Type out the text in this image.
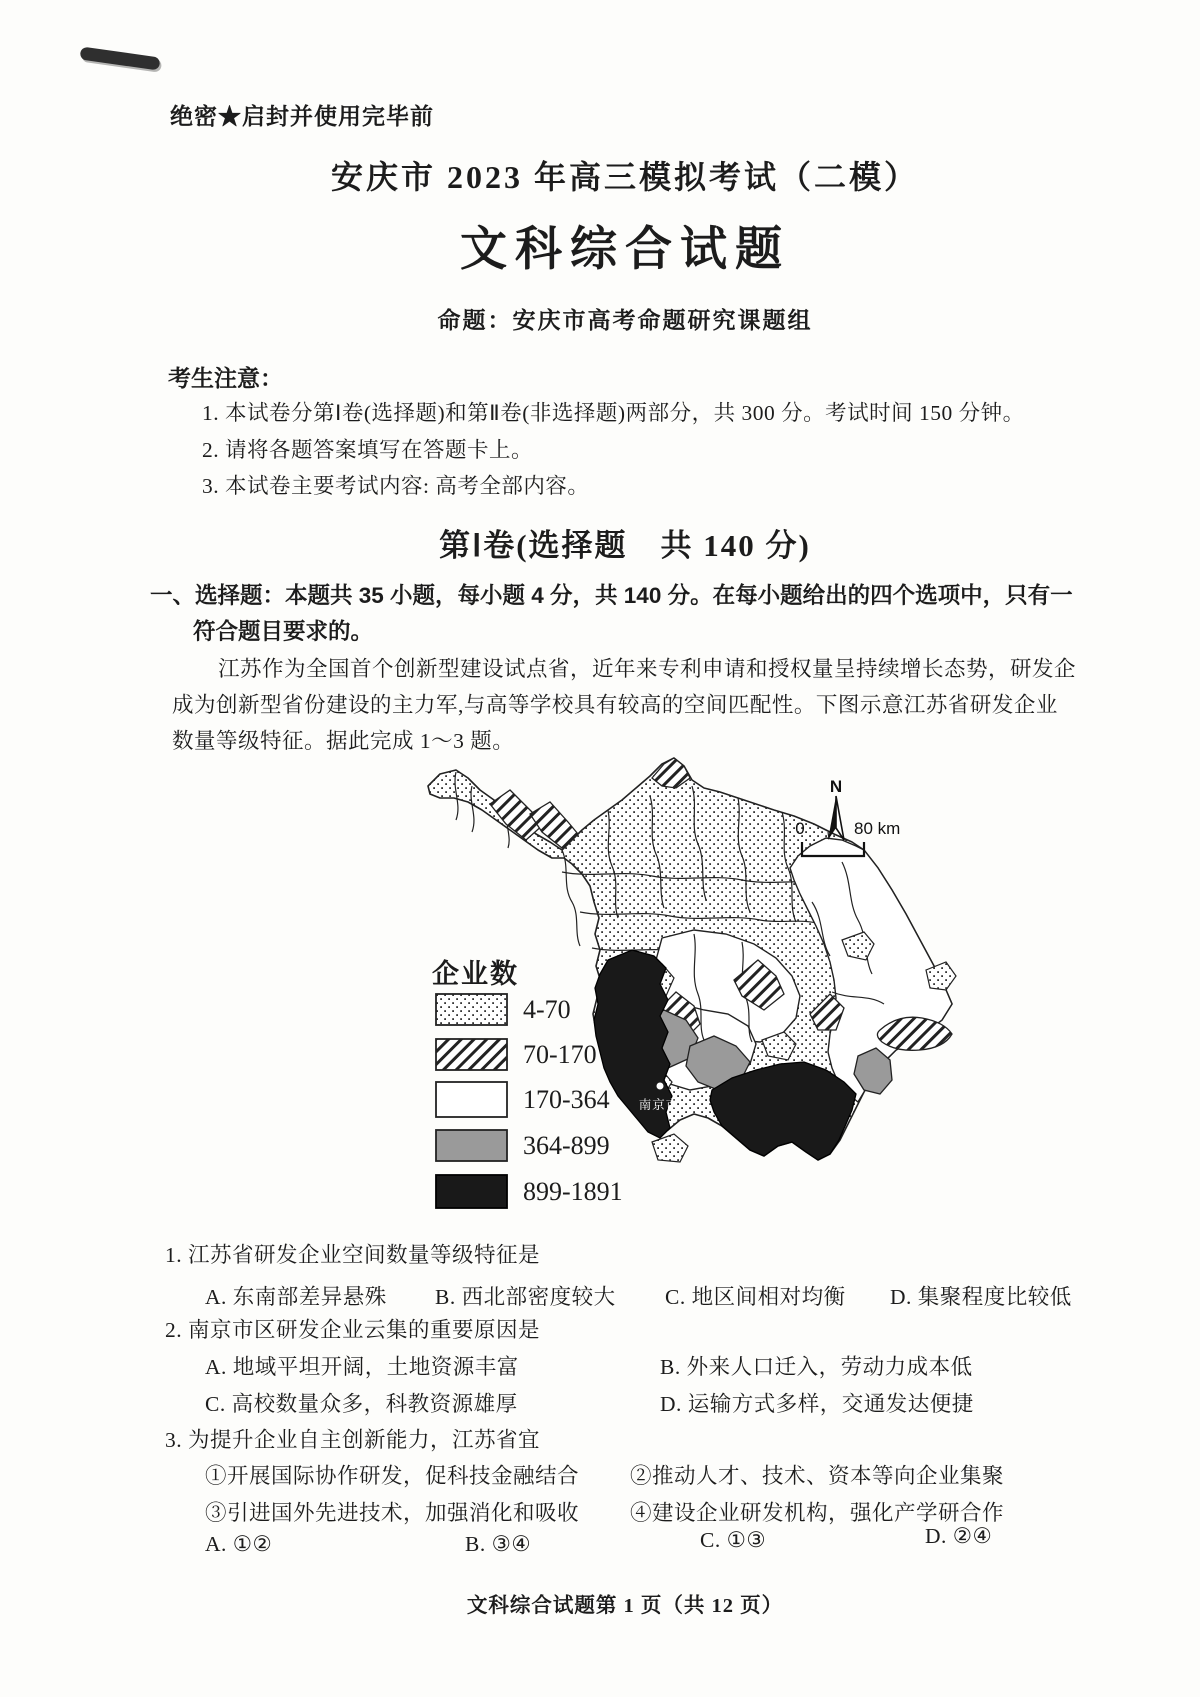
绝密★启封并使用完毕前
安庆市 2023 年高三模拟考试（二模）
文科综合试题
命题：安庆市高考命题研究课题组
考生注意：
1. 本试卷分第Ⅰ卷(选择题)和第Ⅱ卷(非选择题)两部分，共 300 分。考试时间 150 分钟。
2. 请将各题答案填写在答题卡上。
3. 本试卷主要考试内容: 高考全部内容。
第Ⅰ卷(选择题　共 140 分)
一、选择题：本题共 35 小题，每小题 4 分，共 140 分。在每小题给出的四个选项中，只有一
符合题目要求的。
江苏作为全国首个创新型建设试点省，近年来专利申请和授权量呈持续增长态势，研发企
成为创新型省份建设的主力军,与高等学校具有较高的空间匹配性。下图示意江苏省研发企业
数量等级特征。据此完成 1～3 题。
南京市
N
0	80 km
企业数
4-70
70-170
170-364
364-899
899-1891
1. 江苏省研发企业空间数量等级特征是
A. 东南部差异悬殊 B. 西北部密度较大 C. 地区间相对均衡 D. 集聚程度比较低
2. 南京市区研发企业云集的重要原因是
A. 地域平坦开阔，土地资源丰富	B. 外来人口迁入，劳动力成本低
C. 高校数量众多，科教资源雄厚	D. 运输方式多样，交通发达便捷
3. 为提升企业自主创新能力，江苏省宜
①开展国际协作研发，促科技金融结合 ②推动人才、技术、资本等向企业集聚
③引进国外先进技术，加强消化和吸收 ④建设企业研发机构，强化产学研合作
A. ①②	B. ③④	C. ①③	D. ②④
文科综合试题第 1 页（共 12 页）
